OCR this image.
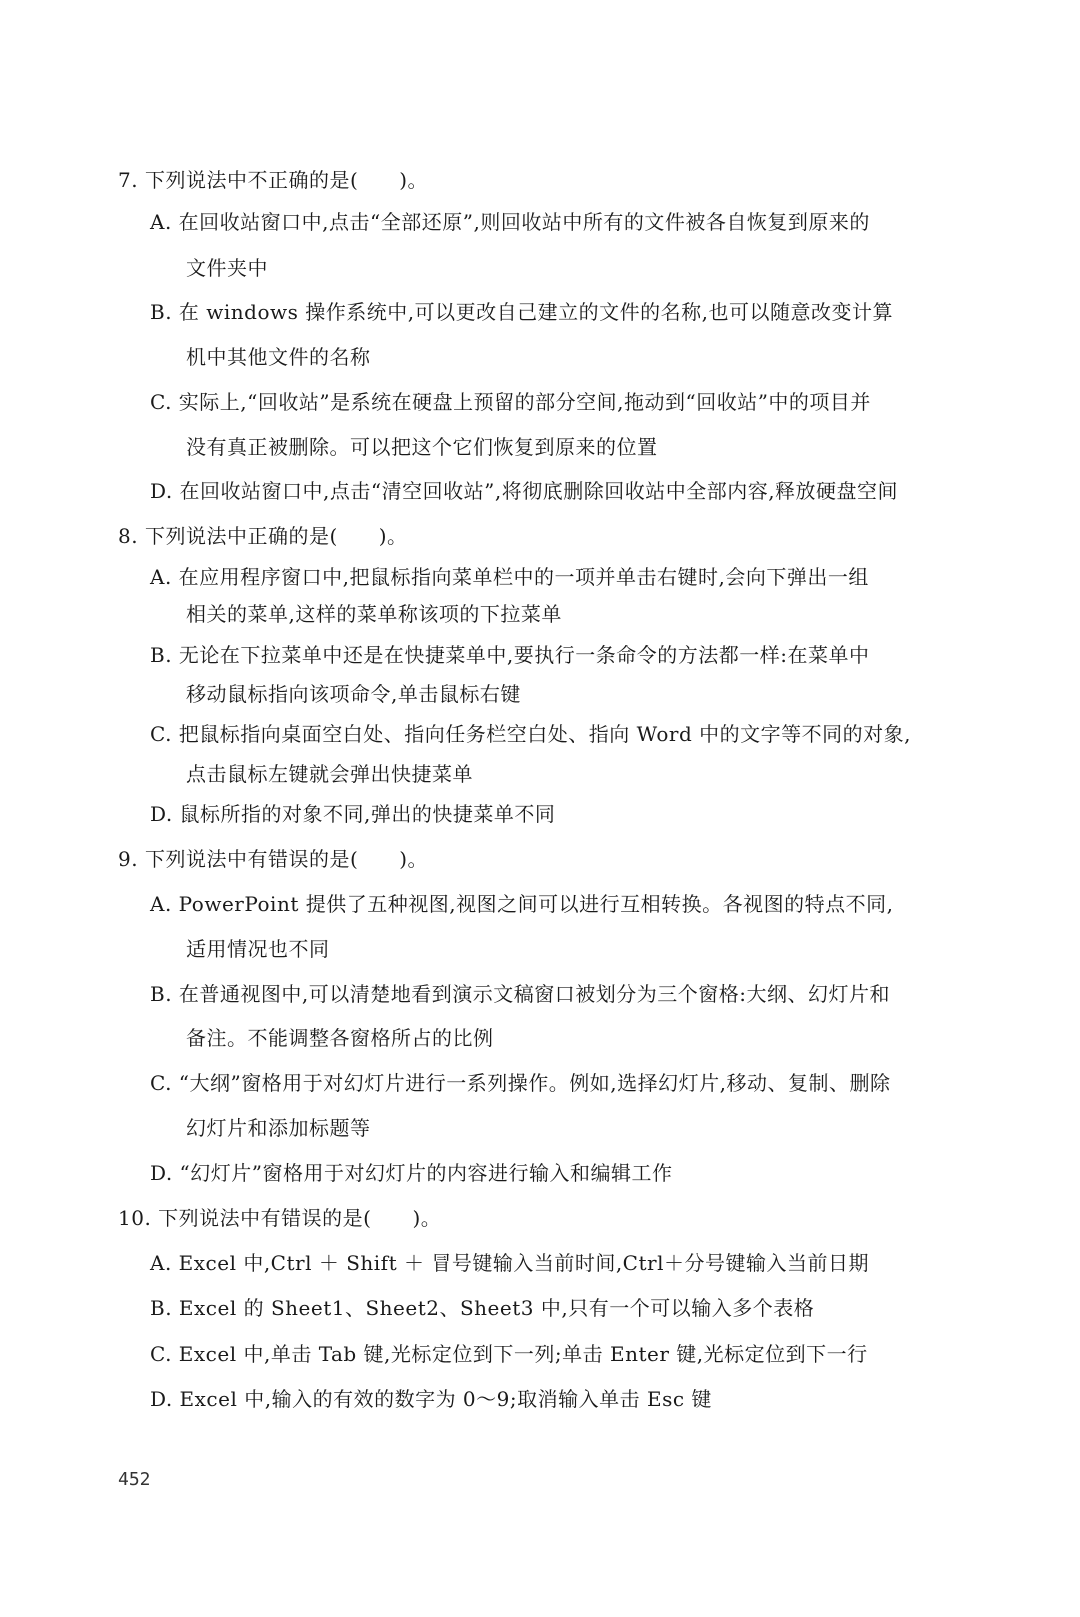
7. 下列说法中不正确的是(　　)。
A. 在回收站窗口中,点击“全部还原”,则回收站中所有的文件被各自恢复到原来的
文件夹中
B. 在 windows 操作系统中,可以更改自己建立的文件的名称,也可以随意改变计算
机中其他文件的名称
C. 实际上,“回收站”是系统在硬盘上预留的部分空间,拖动到“回收站”中的项目并
没有真正被删除。可以把这个它们恢复到原来的位置
D. 在回收站窗口中,点击“清空回收站”,将彻底删除回收站中全部内容,释放硬盘空间
8. 下列说法中正确的是(　　)。
A. 在应用程序窗口中,把鼠标指向菜单栏中的一项并单击右键时,会向下弹出一组
相关的菜单,这样的菜单称该项的下拉菜单
B. 无论在下拉菜单中还是在快捷菜单中,要执行一条命令的方法都一样:在菜单中
移动鼠标指向该项命令,单击鼠标右键
C. 把鼠标指向桌面空白处、指向任务栏空白处、指向 Word 中的文字等不同的对象,
点击鼠标左键就会弹出快捷菜单
D. 鼠标所指的对象不同,弹出的快捷菜单不同
9. 下列说法中有错误的是(　　)。
A. PowerPoint 提供了五种视图,视图之间可以进行互相转换。各视图的特点不同,
适用情况也不同
B. 在普通视图中,可以清楚地看到演示文稿窗口被划分为三个窗格:大纲、幻灯片和
备注。不能调整各窗格所占的比例
C. “大纲”窗格用于对幻灯片进行一系列操作。例如,选择幻灯片,移动、复制、删除
幻灯片和添加标题等
D. “幻灯片”窗格用于对幻灯片的内容进行输入和编辑工作
10. 下列说法中有错误的是(　　)。
A. Excel 中,Ctrl ＋ Shift ＋ 冒号键输入当前时间,Ctrl＋分号键输入当前日期
B. Excel 的 Sheet1、Sheet2、Sheet3 中,只有一个可以输入多个表格
C. Excel 中,单击 Tab 键,光标定位到下一列;单击 Enter 键,光标定位到下一行
D. Excel 中,输入的有效的数字为 0～9;取消输入单击 Esc 键
452
